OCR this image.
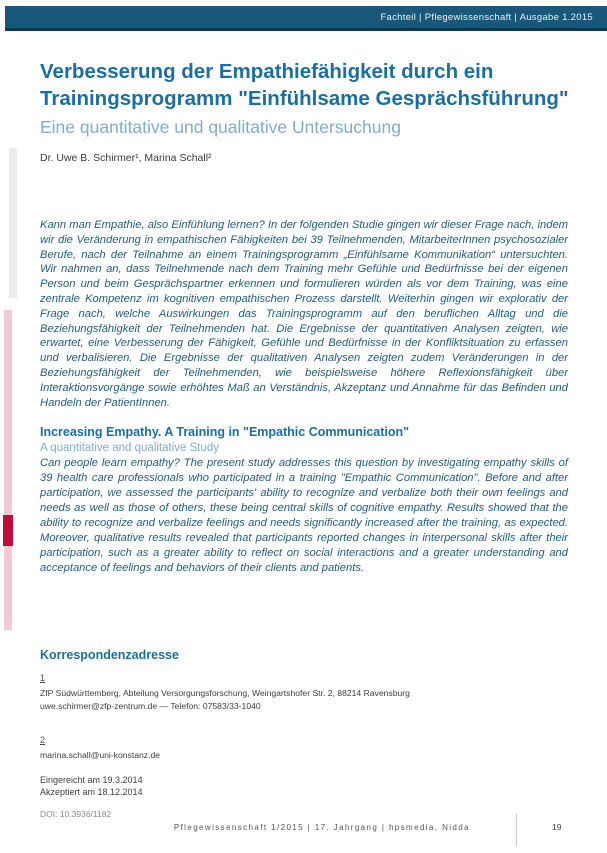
Fachteil | Pflegewissenschaft | Ausgabe 1.2015
Verbesserung der Empathiefähigkeit durch ein
Trainingsprogramm "Einfühlsame Gesprächsführung"
Eine quantitative und qualitative Untersuchung
Dr. Uwe B. Schirmer¹, Marina Schall²
Kann man Empathie, also Einfühlung lernen? In der folgenden Studie gingen wir dieser Frage nach, indem wir die Veränderung in empathischen Fähigkeiten bei 39 Teilnehmenden, MitarbeiterInnen psychosozialer Berufe, nach der Teilnahme an einem Trainingsprogramm „Einfühlsame Kommunikation“ untersuchten. Wir nahmen an, dass Teilnehmende nach dem Training mehr Gefühle und Bedürfnisse bei der eigenen Person und beim Gesprächspartner erkennen und formulieren würden als vor dem Training, was eine zentrale Kompetenz im kognitiven empathischen Prozess darstellt. Weiterhin gingen wir explorativ der Frage nach, welche Auswirkungen das Trainingsprogramm auf den beruflichen Alltag und die Beziehungsfähigkeit der Teilnehmenden hat. Die Ergebnisse der quantitativen Analysen zeigten, wie erwartet, eine Verbesserung der Fähigkeit, Gefühle und Bedürfnisse in der Konfliktsituation zu erfassen und verbalisieren. Die Ergebnisse der qualitativen Analysen zeigten zudem Veränderungen in der Beziehungsfähigkeit der Teilnehmenden, wie beispielsweise höhere Reflexionsfähigkeit über Interaktionsvorgänge sowie erhöhtes Maß an Verständnis, Akzeptanz und Annahme für das Befinden und Handeln der PatientInnen.
Increasing Empathy. A Training in "Empathic Communication"
A quantitative and qualitative Study
Can people learn empathy? The present study addresses this question by investigating empathy skills of 39 health care professionals who participated in a training "Empathic Communication". Before and after participation, we assessed the participants' ability to recognize and verbalize both their own feelings and needs as well as those of others, these being central skills of cognitive empathy. Results showed that the ability to recognize and verbalize feelings and needs significantly increased after the training, as expected. Moreover, qualitative results revealed that participants reported changes in interpersonal skills after their participation, such as a greater ability to reflect on social interactions and a greater understanding and acceptance of feelings and behaviors of their clients and patients.
Korrespondenzadresse
1
ZfP Südwürttemberg, Abteilung Versorgungsforschung, Weingartshofer Str. 2, 88214 Ravensburg
uwe.schirmer@zfp-zentrum.de — Telefon: 07583/33-1040
2
marina.schall@uni-konstanz.de
Eingereicht am 19.3.2014
Akzeptiert am 18.12.2014
DOI: 10.3936/1182
Pflegewissenschaft 1/2015 | 17. Jahrgang | hpsmedia, Nidda	19
